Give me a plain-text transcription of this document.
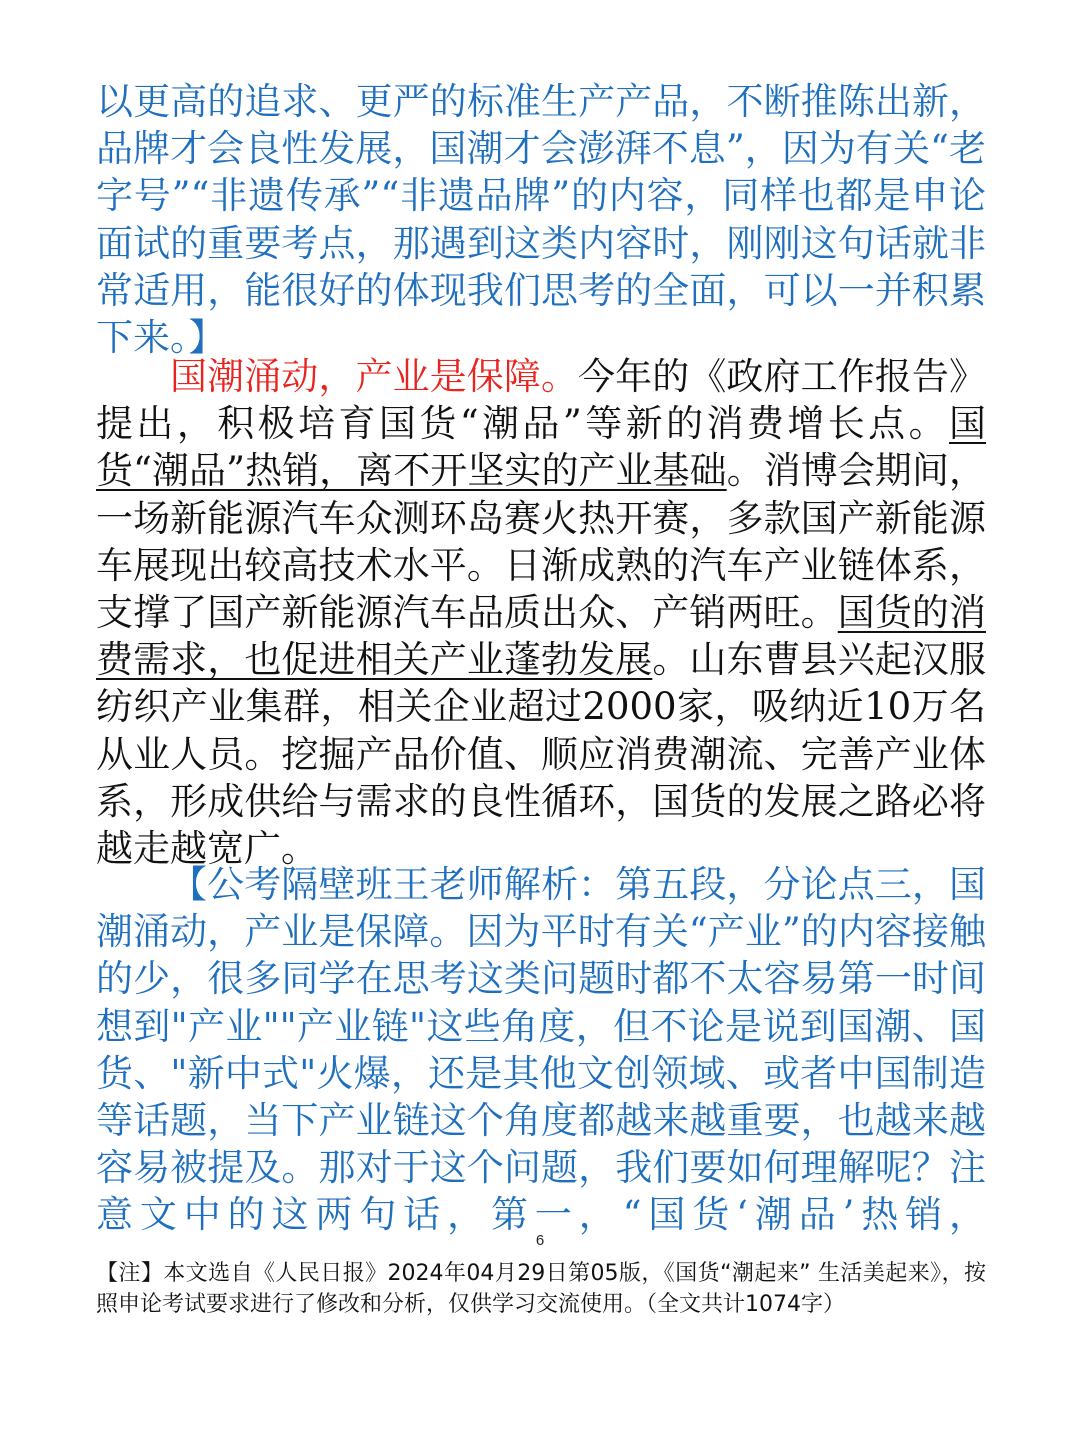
以更高的追求、更严的标准生产产品，不断推陈出新，品牌才会良性发展，国潮才会澎湃不息”，因为有关“老字号”“非遗传承”“非遗品牌”的内容，同样也都是申论面试的重要考点，那遇到这类内容时，刚刚这句话就非常适用，能很好的体现我们思考的全面，可以一并积累下来。】

国潮涌动，产业是保障。今年的《政府工作报告》提出，积极培育国货“潮品”等新的消费增长点。国货“潮品”热销，离不开坚实的产业基础。消博会期间，一场新能源汽车众测环岛赛火热开赛，多款国产新能源车展现出较高技术水平。日渐成熟的汽车产业链体系，支撑了国产新能源汽车品质出众、产销两旺。国货的消费需求，也促进相关产业蓬勃发展。山东曹县兴起汉服纺织产业集群，相关企业超过2000家，吸纳近10万名从业人员。挖掘产品价值、顺应消费潮流、完善产业体系，形成供给与需求的良性循环，国货的发展之路必将越走越宽广。

【公考隔壁班王老师解析：第五段，分论点三，国潮涌动，产业是保障。因为平时有关“产业”的内容接触的少，很多同学在思考这类问题时都不太容易第一时间想到"产业""产业链"这些角度，但不论是说到国潮、国货、"新中式"火爆，还是其他文创领域、或者中国制造等话题，当下产业链这个角度都越来越重要，也越来越容易被提及。那对于这个问题，我们要如何理解呢？注意文中的这两句话，第一，“国货‘潮品’热销，

6
【注】本文选自《人民日报》2024年04月29日第05版，《国货“潮起来” 生活美起来》，按照申论考试要求进行了修改和分析，仅供学习交流使用。（全文共计1074字）
